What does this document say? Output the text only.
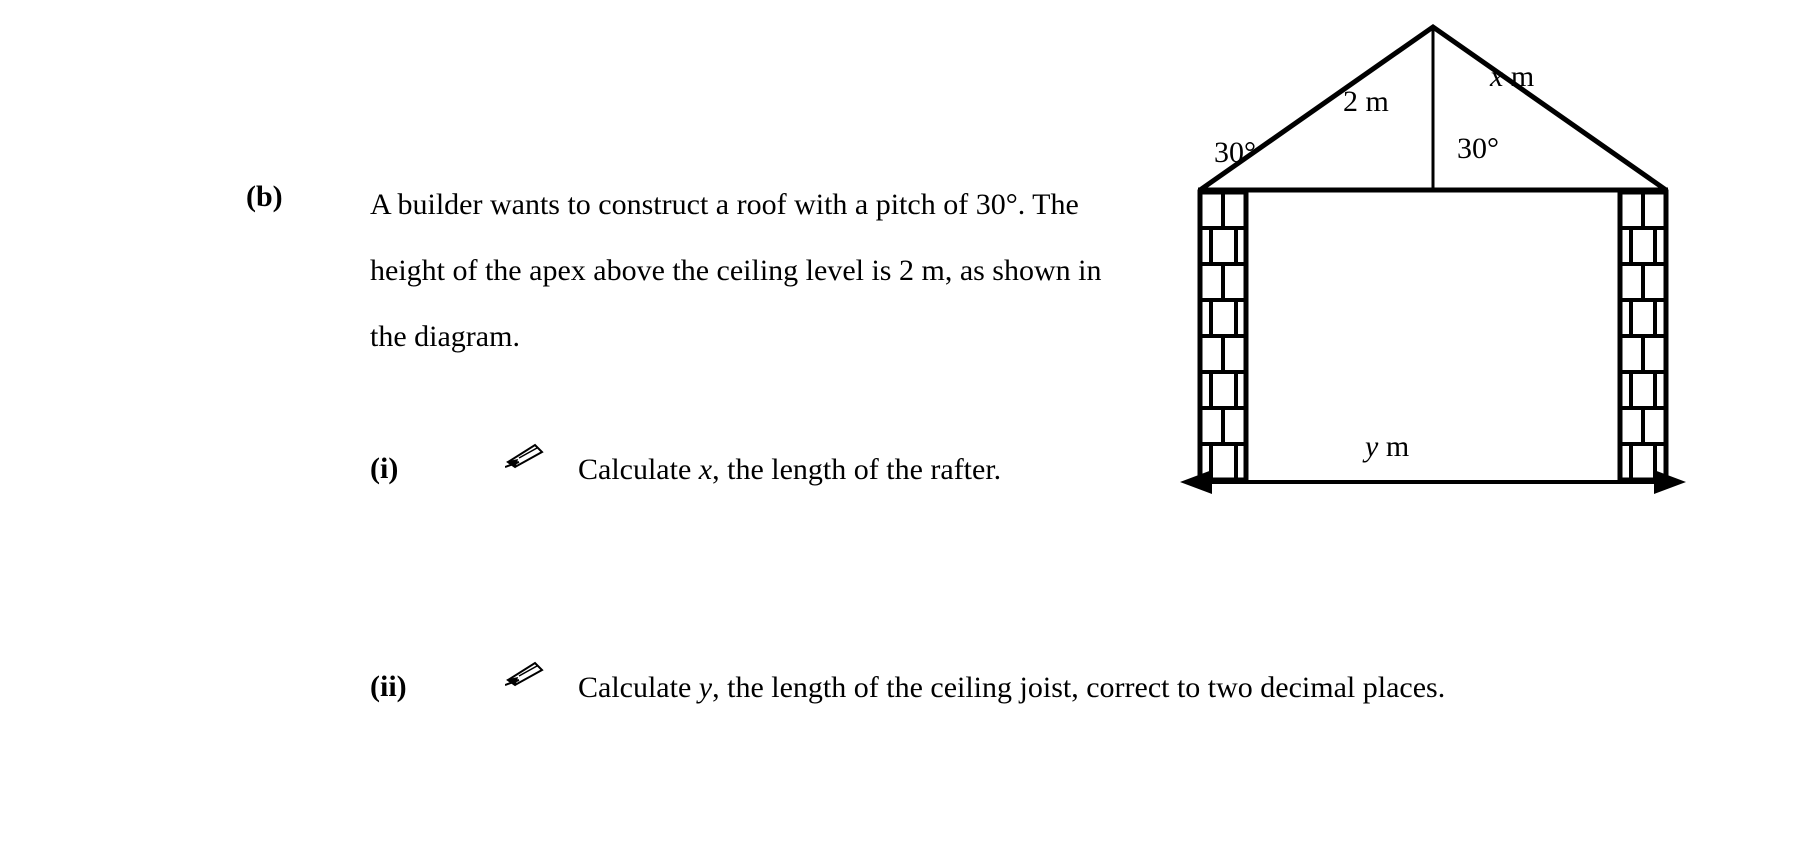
(b)	A builder wants to construct a roof with a pitch of 30°. The height of the apex above the ceiling level is 2 m, as shown in the diagram.
(i)	Calculate x, the length of the rafter.
(ii)	Calculate y, the length of the ceiling joist, correct to two decimal places.
2 m
x m
y m
30°	30°
